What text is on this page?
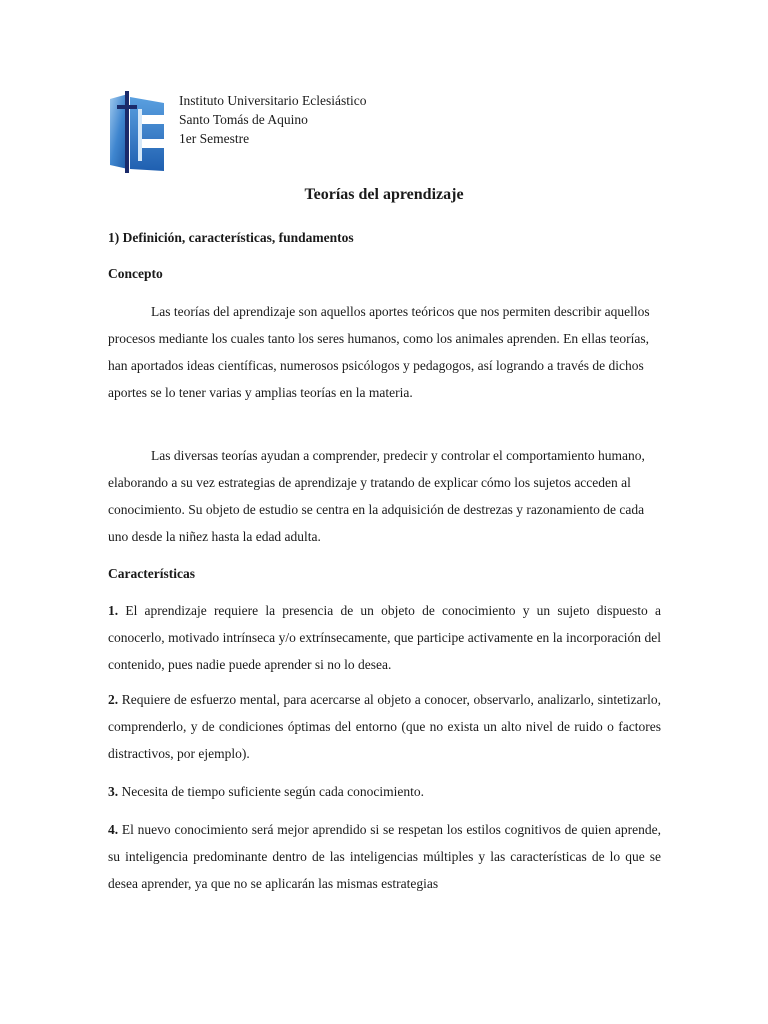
Instituto Universitario Eclesiástico
Santo Tomás de Aquino
1er Semestre
Teorías del aprendizaje
1) Definición, características, fundamentos
Concepto

Las teorías del aprendizaje son aquellos aportes teóricos que nos permiten describir aquellos procesos mediante los cuales tanto los seres humanos, como los animales aprenden. En ellas teorías, han aportados ideas científicas, numerosos psicólogos y pedagogos, así logrando a través de dichos aportes se lo tener varias y amplias teorías en la materia.

Las diversas teorías ayudan a comprender, predecir y controlar el comportamiento humano, elaborando a su vez estrategias de aprendizaje y tratando de explicar cómo los sujetos acceden al conocimiento. Su objeto de estudio se centra en la adquisición de destrezas y razonamiento de cada uno desde la niñez hasta la edad adulta.

Características

1. El aprendizaje requiere la presencia de un objeto de conocimiento y un sujeto dispuesto a conocerlo, motivado intrínseca y/o extrínsecamente, que participe activamente en la incorporación del contenido, pues nadie puede aprender si no lo desea.

2. Requiere de esfuerzo mental, para acercarse al objeto a conocer, observarlo, analizarlo, sintetizarlo, comprenderlo, y de condiciones óptimas del entorno (que no exista un alto nivel de ruido o factores distractivos, por ejemplo).

3. Necesita de tiempo suficiente según cada conocimiento.

4. El nuevo conocimiento será mejor aprendido si se respetan los estilos cognitivos de quien aprende, su inteligencia predominante dentro de las inteligencias múltiples y las características de lo que se desea aprender, ya que no se aplicarán las mismas estrategias
